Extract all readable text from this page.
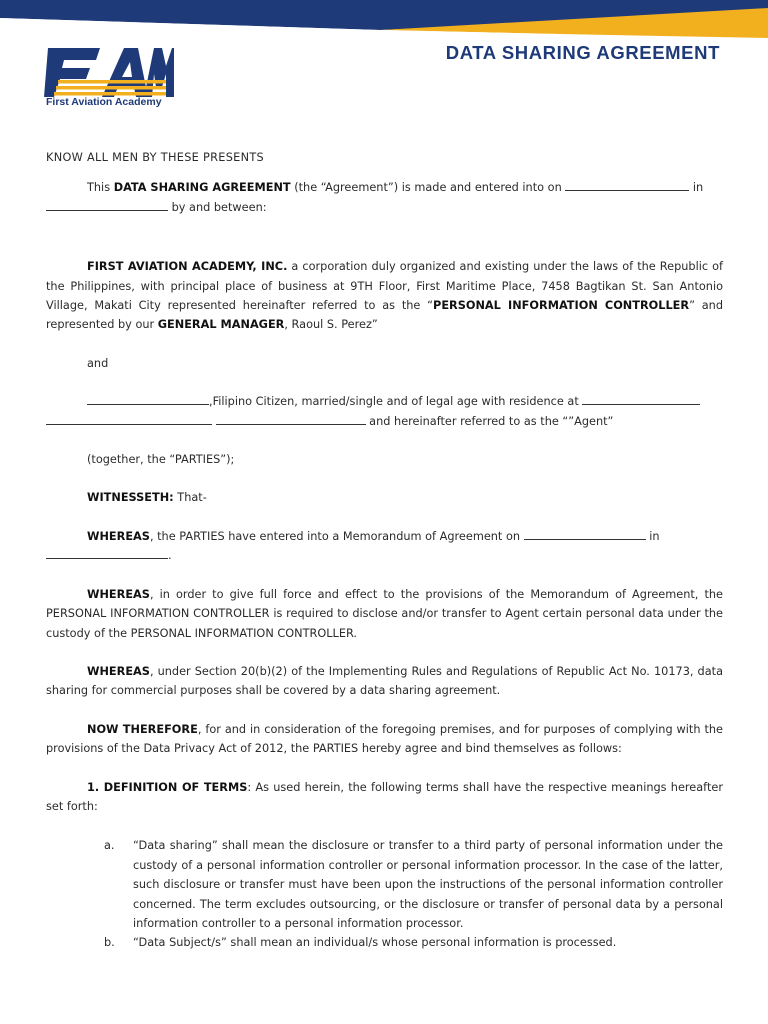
First Aviation Academy
DATA SHARING AGREEMENT

KNOW ALL MEN BY THESE PRESENTS

This DATA SHARING AGREEMENT (the “Agreement”) is made and entered into on	in
by and between:

FIRST AVIATION ACADEMY, INC. a corporation duly organized and existing under the laws of the Republic of the Philippines, with principal place of business at 9TH Floor, First Maritime Place, 7458 Bagtikan St. San Antonio Village, Makati City represented hereinafter referred to as the “PERSONAL INFORMATION CONTROLLER” and represented by our GENERAL MANAGER, Raoul S. Perez”

and

,Filipino Citizen, married/single and of legal age with residence at
and hereinafter referred to as the “”Agent”

(together, the “PARTIES”);

WITNESSETH: That-

WHEREAS, the PARTIES have entered into a Memorandum of Agreement on	in
.

WHEREAS, in order to give full force and effect to the provisions of the Memorandum of Agreement, the PERSONAL INFORMATION CONTROLLER is required to disclose and/or transfer to Agent certain personal data under the custody of the PERSONAL INFORMATION CONTROLLER.

WHEREAS, under Section 20(b)(2) of the Implementing Rules and Regulations of Republic Act No. 10173, data sharing for commercial purposes shall be covered by a data sharing agreement.

NOW THEREFORE, for and in consideration of the foregoing premises, and for purposes of complying with the provisions of the Data Privacy Act of 2012, the PARTIES hereby agree and bind themselves as follows:

1. DEFINITION OF TERMS: As used herein, the following terms shall have the respective meanings hereafter set forth:

a. “Data sharing” shall mean the disclosure or transfer to a third party of personal information under the custody of a personal information controller or personal information processor. In the case of the latter, such disclosure or transfer must have been upon the instructions of the personal information controller concerned. The term excludes outsourcing, or the disclosure or transfer of personal data by a personal information controller to a personal information processor.

b. “Data Subject/s” shall mean an individual/s whose personal information is processed.
